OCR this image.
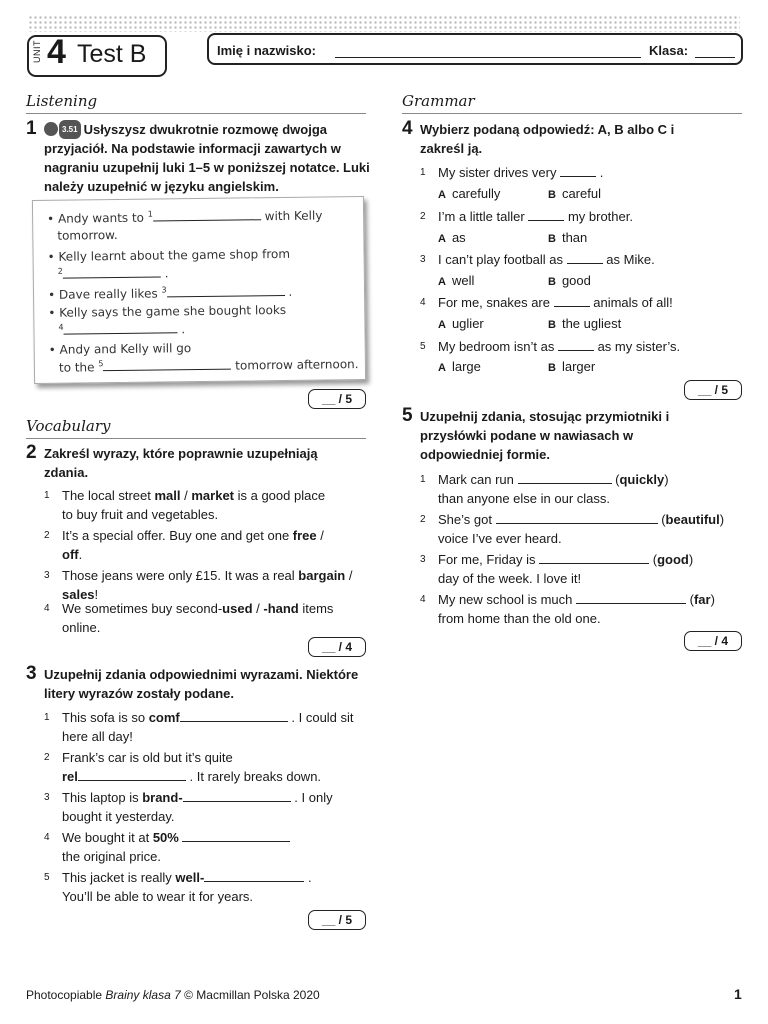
UNIT 4 Test B	Imię i nazwisko:	Klasa:
Listening
1	3.51 Usłyszysz dwukrotnie rozmowę dwojga przyjaciół. Na podstawie informacji zawartych w nagraniu uzupełnij luki 1–5 w poniższej notatce. Luki należy uzupełnić w języku angielskim.
• Andy wants to $^1$	with Kelly
tomorrow.
• Kelly learnt about the game shop from
$^2$	.
• Dave really likes $^3$	.
• Kelly says the game she bought looks
$^4$	.
• Andy and Kelly will go
to the $^5$	tomorrow afternoon.
__ / 5
Vocabulary
2 Zakreśl wyrazy, które poprawnie uzupełniają zdania.
1 The local street mall / market is a good place
to buy fruit and vegetables.
2 It’s a special offer. Buy one and get one free /
off.
3 Those jeans were only £15. It was a real bargain /
sales!
4 We sometimes buy second-used / -hand items
online.
__ / 4
3 Uzupełnij zdania odpowiednimi wyrazami. Niektóre litery wyrazów zostały podane.
1 This sofa is so comf	. I could sit
here all day!
2 Frank’s car is old but it’s quite
rel	. It rarely breaks down.
3 This laptop is brand-	. I only
bought it yesterday.
4 We bought it at 50%
the original price.
5 This jacket is really well-	.
You’ll be able to wear it for years.
__ / 5
Grammar
4 Wybierz podaną odpowiedź: A, B albo C i zakreśl ją.
1 My sister drives very	.
A carefully	B careful
2 I’m a little taller	my brother.
A as	B than
3 I can’t play football as	as Mike.
A well	B good
4 For me, snakes are	animals of all!
A uglier	B the ugliest
5 My bedroom isn’t as	as my sister’s.
A large	B larger
__ / 5
5 Uzupełnij zdania, stosując przymiotniki i przysłówki podane w nawiasach w odpowiedniej formie.
1 Mark can run	(quickly)
than anyone else in our class.
2 She’s got	(beautiful)
voice I’ve ever heard.
3 For me, Friday is	(good)
day of the week. I love it!
4 My new school is much	(far)
from home than the old one.
__ / 4
Photocopiable Brainy klasa 7 © Macmillan Polska 2020	1
